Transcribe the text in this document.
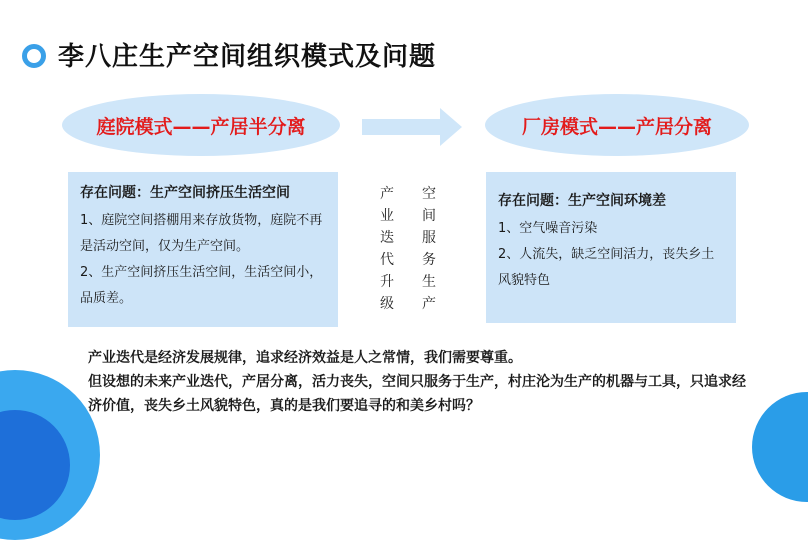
李八庄生产空间组织模式及问题
庭院模式——产居半分离	厂房模式——产居分离
存在问题：生产空间挤压生活空间
1、庭院空间搭棚用来存放货物，庭院不再是活动空间，仅为生产空间。
2、生产空间挤压生活空间，生活空间小，品质差。
产业迭代升级
空间服务生产
存在问题：生产空间环境差
1、空气噪音污染
2、人流失，缺乏空间活力，丧失乡土风貌特色
产业迭代是经济发展规律，追求经济效益是人之常情，我们需要尊重。
但设想的未来产业迭代，产居分离，活力丧失，空间只服务于生产，村庄沦为生产的机器与工具，只追求经济价值，丧失乡土风貌特色，真的是我们要追寻的和美乡村吗？
